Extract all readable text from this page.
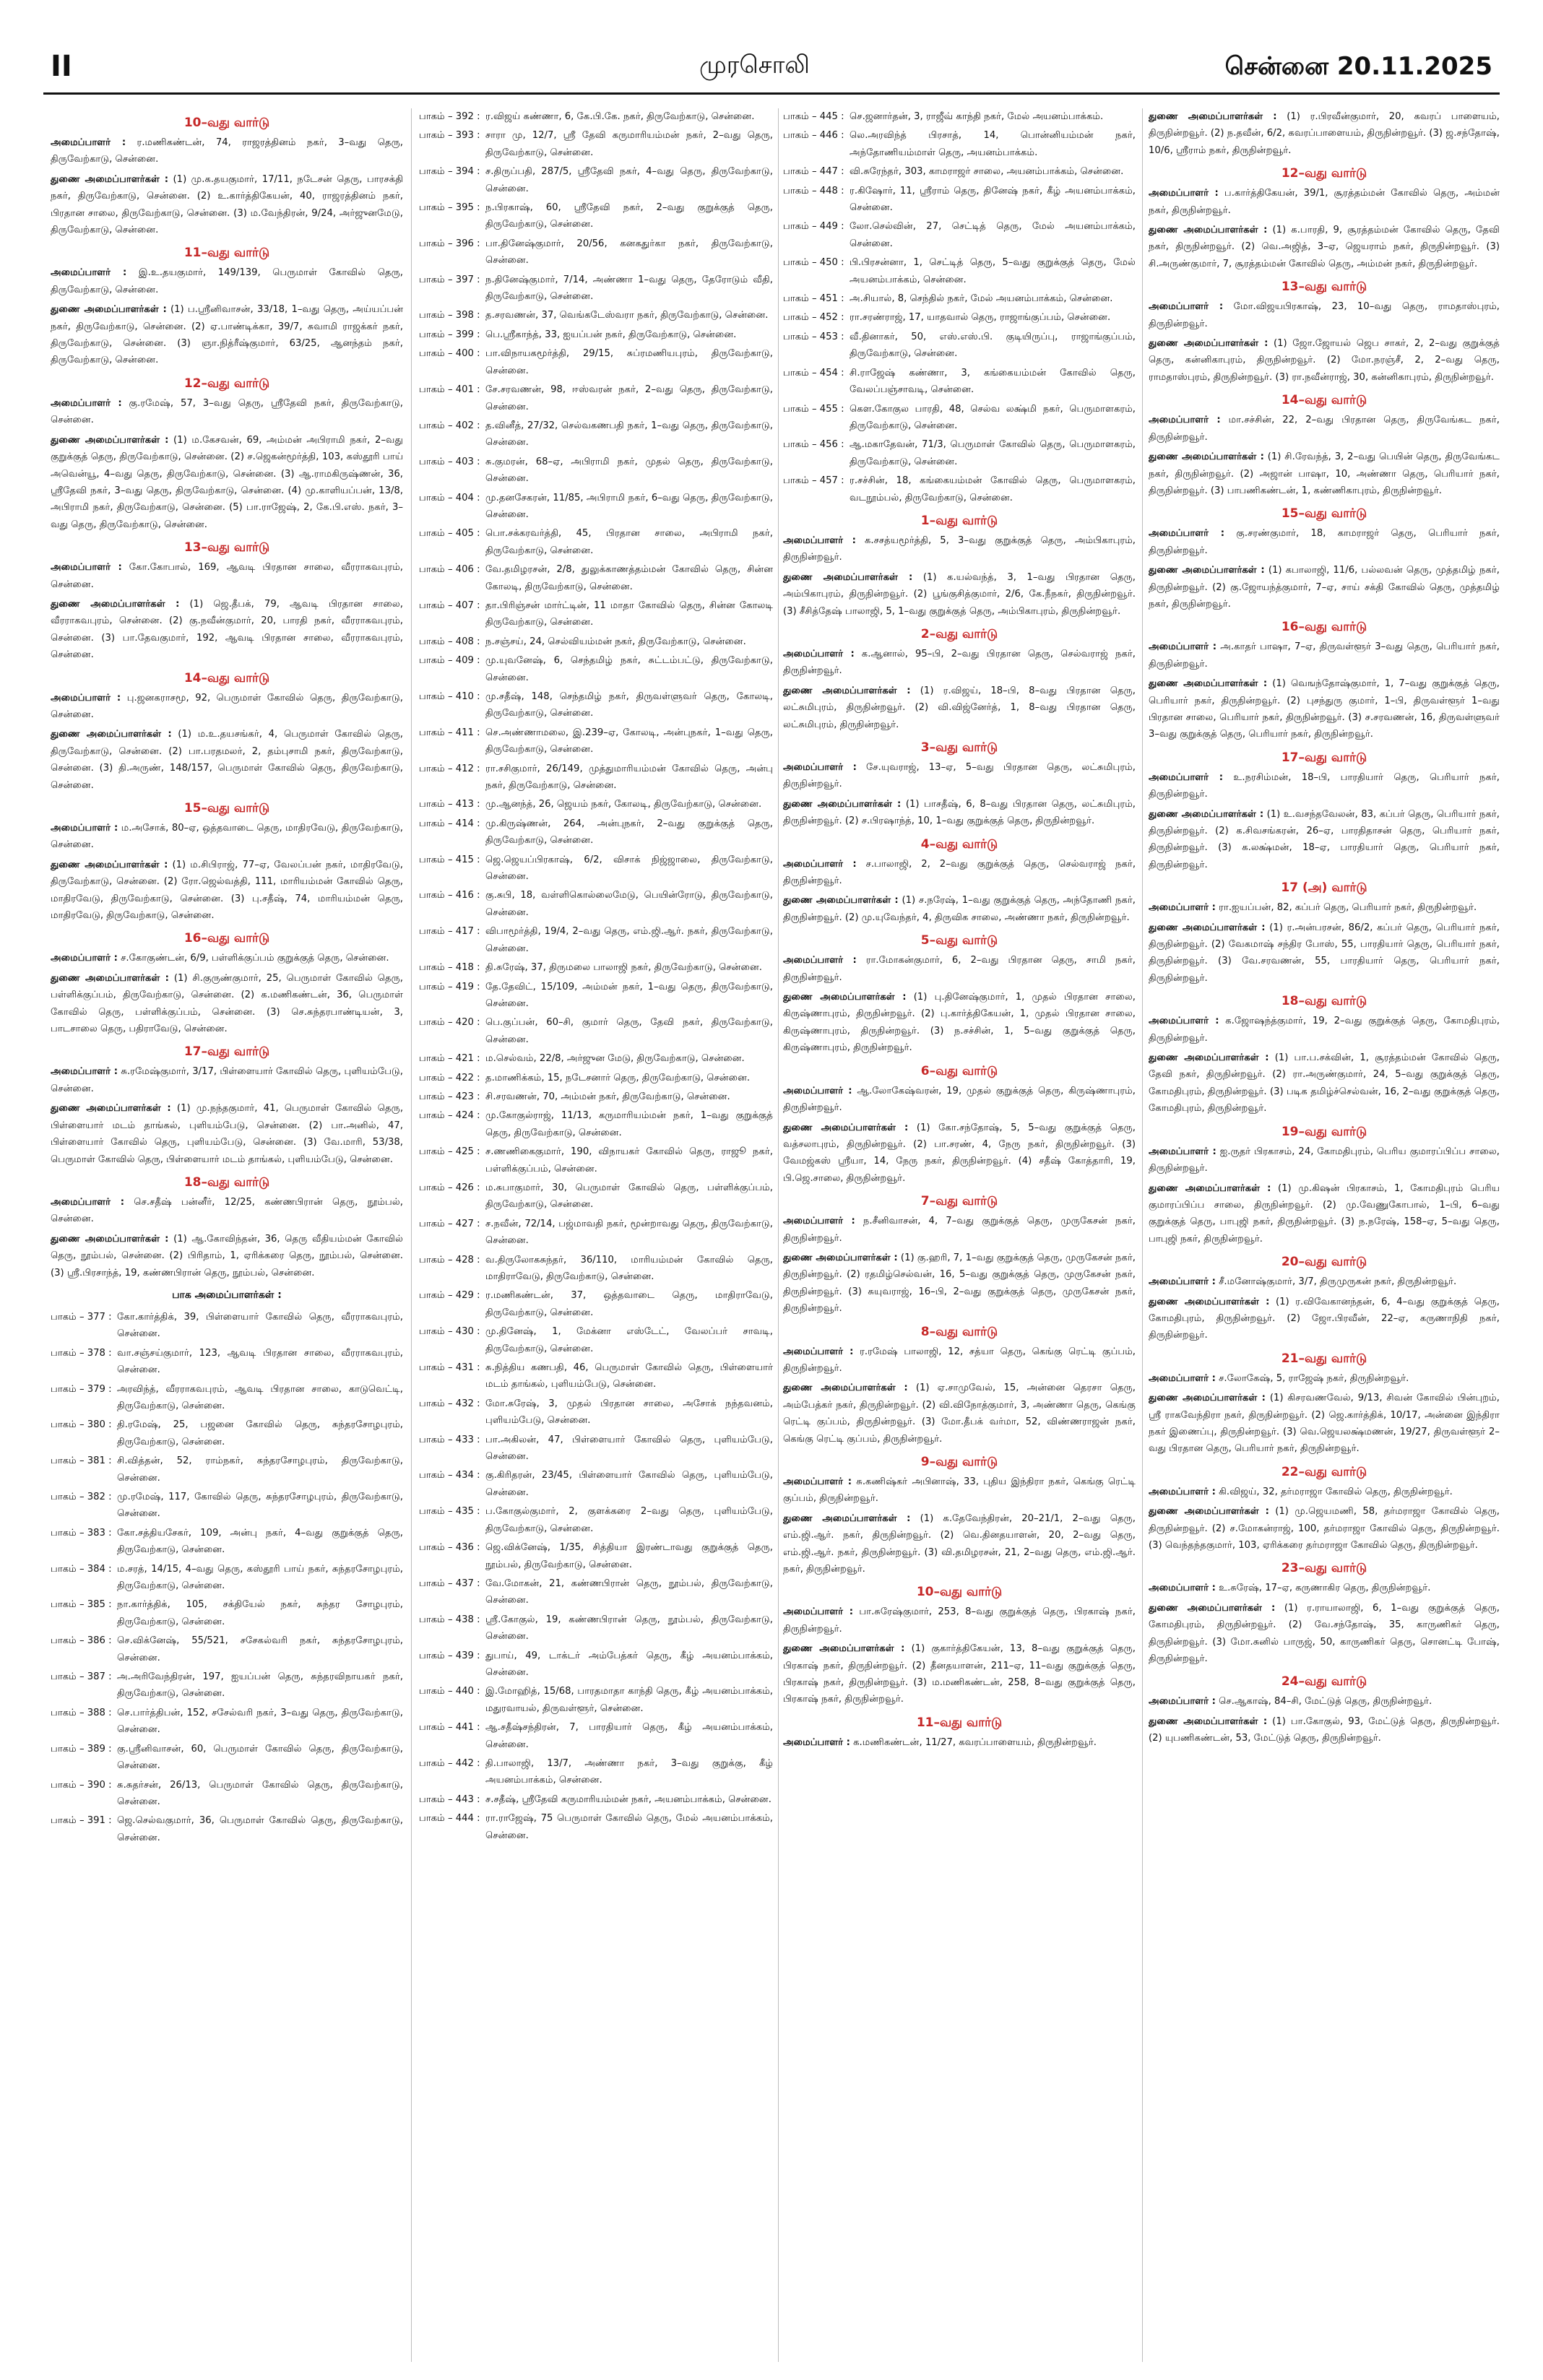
II	முரசொலி	சென்னை 20.11.2025
10–வது வார்டு
அமைப்பாளர் : ர.மணிகண்டன், 74, ராஜரத்தினம் நகர், 3–வது தெரு, திருவேற்காடு, சென்னை.
துணை அமைப்பாளர்கள் : (1) மு.க.தயகுமார், 17/11, நடேசன் தெரு, பாரசக்தி நகர், திருவேற்காடு, சென்னை. (2) உ.கார்த்திகேயன், 40, ராஜரத்தினம் நகர், பிரதான சாலை, திருவேற்காடு, சென்னை. (3) ம.வேந்திரன், 9/24, அர்ஜுனமேடு, திருவேற்காடு, சென்னை.
11–வது வார்டு
அமைப்பாளர் : இ.உ.தயகுமார், 149/139, பெருமாள் கோவில் தெரு, திருவேற்காடு, சென்னை.
துணை அமைப்பாளர்கள் : (1) ப.ஸ்ரீனிவாசன், 33/18, 1–வது தெரு, அய்யப்பன் நகர், திருவேற்காடு, சென்னை. (2) ஏ.பாண்டிக்கா, 39/7, சுவாமி ராஜக்கர் நகர், திருவேற்காடு, சென்னை. (3) ஞா.நித்ரீஷ்குமார், 63/25, ஆனந்தம் நகர், திருவேற்காடு, சென்னை.
12–வது வார்டு
அமைப்பாளர் : கு.ரமேஷ், 57, 3–வது தெரு, ஸ்ரீதேவி நகர், திருவேற்காடு, சென்னை.
துணை அமைப்பாளர்கள் : (1) ம.கேசவன், 69, அம்மன் அபிராமி நகர், 2–வது குறுக்குத் தெரு, திருவேற்காடு, சென்னை. (2) ச.ஜெகன்மூர்த்தி, 103, கஸ்தூரி பாய் அவென்யூ, 4–வது தெரு, திருவேற்காடு, சென்னை. (3) ஆ.ராமகிருஷ்ணன், 36, ஸ்ரீதேவி நகர், 3–வது தெரு, திருவேற்காடு, சென்னை. (4) மு.காளியப்பன், 13/8, அபிராமி நகர், திருவேற்காடு, சென்னை. (5) பா.ராஜேஷ், 2, கே.பி.எஸ். நகர், 3–வது தெரு, திருவேற்காடு, சென்னை.
13–வது வார்டு
அமைப்பாளர் : கோ.கோபால், 169, ஆவடி பிரதான சாலை, வீரராகவபுரம், சென்னை.
துணை அமைப்பாளர்கள் : (1) ஜெ.தீபக், 79, ஆவடி பிரதான சாலை, வீரராகவபுரம், சென்னை. (2) கு.நவீன்குமார், 20, பாரதி நகர், வீரராகவபுரம், சென்னை. (3) பா.தேவகுமார், 192, ஆவடி பிரதான சாலை, வீரராகவபுரம், சென்னை.
14–வது வார்டு
அமைப்பாளர் : பு.ஜனகராசமூ, 92, பெருமாள் கோவில் தெரு, திருவேற்காடு, சென்னை.
துணை அமைப்பாளர்கள் : (1) ம.உ.தயசங்கர், 4, பெருமாள் கோவில் தெரு, திருவேற்காடு, சென்னை. (2) பா.பரதமலர், 2, தம்புசாமி நகர், திருவேற்காடு, சென்னை. (3) தி.அருண், 148/157, பெருமாள் கோவில் தெரு, திருவேற்காடு, சென்னை.
15–வது வார்டு
அமைப்பாளர் : ம.அசோக், 80–ஏ, ஒத்தவாடை தெரு, மாதிரவேடு, திருவேற்காடு, சென்னை.
துணை அமைப்பாளர்கள் : (1) ம.சிபிராஜ், 77–ஏ, வேலப்பன் நகர், மாதிரவேடு, திருவேற்காடு, சென்னை. (2) ரோ.ஜெல்வத்தி, 111, மாரியம்மன் கோவில் தெரு, மாதிரவேடு, திருவேற்காடு, சென்னை. (3) பு.சதீஷ், 74, மாரியம்மன் தெரு, மாதிரவேடு, திருவேற்காடு, சென்னை.
16–வது வார்டு
அமைப்பாளர் : ச.கோகுண்டன், 6/9, பள்ளிக்குப்பம் குறுக்குத் தெரு, சென்னை.
துணை அமைப்பாளர்கள் : (1) சி.குருண்குமார், 25, பெருமாள் கோவில் தெரு, பள்ளிக்குப்பம், திருவேற்காடு, சென்னை. (2) க.மணிகண்டன், 36, பெருமாள் கோவில் தெரு, பள்ளிக்குப்பம், சென்னை. (3) செ.சுந்தரபாண்டியன், 3, பாடசாலை தெரு, பதிராவேடு, சென்னை.
17–வது வார்டு
அமைப்பாளர் : சு.ரமேஷ்குமார், 3/17, பிள்ளையார் கோவில் தெரு, புளியம்பேடு, சென்னை.
துணை அமைப்பாளர்கள் : (1) மு.நந்தகுமார், 41, பெருமாள் கோவில் தெரு, பிள்ளையார் மடம் தாங்கல், புளியம்பேடு, சென்னை. (2) பா.அனில், 47, பிள்ளையார் கோவில் தெரு, புளியம்பேடு, சென்னை. (3) வே.மாரி, 53/38, பெருமாள் கோவில் தெரு, பிள்ளையார் மடம் தாங்கல், புளியம்பேடு, சென்னை.
18–வது வார்டு
அமைப்பாளர் : செ.சதீஷ் பன்னீர், 12/25, கண்ணபிரான் தெரு, நூம்பல், சென்னை.
துணை அமைப்பாளர்கள் : (1) ஆ.கோவிந்தன், 36, தெரு வீதியம்மன் கோவில் தெரு, நூம்பல், சென்னை. (2) பிரிதாம், 1, ஏரிக்கரை தெரு, நூம்பல், சென்னை. (3) ஸ்ரீ.பிரசாந்த், 19, கண்ணபிரான் தெரு, நூம்பல், சென்னை.
பாக அமைப்பாளர்கள் :
பாகம் – 377 : கோ.கார்த்திக், 39, பிள்ளையார் கோவில் தெரு, வீரராகவபுரம், சென்னை.
பாகம் – 378 : வா.சஞ்சய்குமார், 123, ஆவடி பிரதான சாலை, வீரராகவபுரம், சென்னை.
பாகம் – 379 : அரவிந்த், வீரராகவபுரம், ஆவடி பிரதான சாலை, காடுவெட்டி, திருவேற்காடு, சென்னை.
பாகம் – 380 : தி.ரமேஷ், 25, பஜனை கோவில் தெரு, சுந்தரசோழபுரம், திருவேற்காடு, சென்னை.
பாகம் – 381 : சி.வித்தன், 52, ராம்நகர், சுந்தரசோழபுரம், திருவேற்காடு, சென்னை.
பாகம் – 382 : மு.ரமேஷ், 117, கோவில் தெரு, சுந்தரசோழபுரம், திருவேற்காடு, சென்னை.
பாகம் – 383 : கோ.சத்தியசேகர், 109, அன்பு நகர், 4–வது குறுக்குத் தெரு, திருவேற்காடு, சென்னை.
பாகம் – 384 : ம.சரத், 14/15, 4–வது தெரு, கஸ்தூரி பாய் நகர், சுந்தரசோழபுரம், திருவேற்காடு, சென்னை.
பாகம் – 385 : நா.கார்த்திக், 105, சக்தியேல் நகர், சுந்தர சோழபுரம், திருவேற்காடு, சென்னை.
பாகம் – 386 : செ.விக்னேஷ், 55/521, சசேகல்வரி நகர், சுந்தரசோழபுரம், சென்னை.
பாகம் – 387 : அ.அரிவேந்திரன், 197, ஐயப்பன் தெரு, சுந்தரவிநாயகர் நகர், திருவேற்காடு, சென்னை.
பாகம் – 388 : செ.பார்த்திபன், 152, சசேல்வரி நகர், 3–வது தெரு, திருவேற்காடு, சென்னை.
பாகம் – 389 : கு.ஸ்ரீனிவாசன், 60, பெருமாள் கோவில் தெரு, திருவேற்காடு, சென்னை.
பாகம் – 390 : சு.சுதர்சன், 26/13, பெருமாள் கோவில் தெரு, திருவேற்காடு, சென்னை.
பாகம் – 391 : ஜெ.செல்வகுமார், 36, பெருமாள் கோவில் தெரு, திருவேற்காடு, சென்னை.
பாகம் – 392 : ர.விஜய் கண்ணா, 6, கே.பி.கே. நகர், திருவேற்காடு, சென்னை.
பாகம் – 393 : சாரா மு, 12/7, ஸ்ரீ தேவி கருமாரியம்மன் நகர், 2–வது தெரு, திருவேற்காடு, சென்னை.
பாகம் – 394 : ச.திருப்பதி, 287/5, ஸ்ரீதேவி நகர், 4–வது தெரு, திருவேற்காடு, சென்னை.
பாகம் – 395 : ந.பிரகாஷ், 60, ஸ்ரீதேவி நகர், 2–வது குறுக்குத் தெரு, திருவேற்காடு, சென்னை.
பாகம் – 396 : பா.தினேஷ்குமார், 20/56, கனகதுர்கா நகர், திருவேற்காடு, சென்னை.
பாகம் – 397 : ந.தினேஷ்குமார், 7/14, அண்ணா 1–வது தெரு, தேரோடும் வீதி, திருவேற்காடு, சென்னை.
பாகம் – 398 : த.சரவணன், 37, வெங்கடேஸ்வரா நகர், திருவேற்காடு, சென்னை.
பாகம் – 399 : பெ.ஸ்ரீகாந்த், 33, ஐயப்பன் நகர், திருவேற்காடு, சென்னை.
பாகம் – 400 : பா.விநாயகமூர்த்தி, 29/15, சுப்ரமணியபுரம், திருவேற்காடு, சென்னை.
பாகம் – 401 : சே.சரவணன், 98, ஈஸ்வரன் நகர், 2–வது தெரு, திருவேற்காடு, சென்னை.
பாகம் – 402 : த.வினீத், 27/32, செல்வகணபதி நகர், 1–வது தெரு, திருவேற்காடு, சென்னை.
பாகம் – 403 : சு.குமரன், 68–ஏ, அபிராமி நகர், முதல் தெரு, திருவேற்காடு, சென்னை.
பாகம் – 404 : மு.தனசேகரன், 11/85, அபிராமி நகர், 6–வது தெரு, திருவேற்காடு, சென்னை.
பாகம் – 405 : பொ.சக்கரவர்த்தி, 45, பிரதான சாலை, அபிராமி நகர், திருவேற்காடு, சென்னை.
பாகம் – 406 : வே.தமிழரசன், 2/8, துலுக்காணத்தம்மன் கோவில் தெரு, சின்ன கோலடி, திருவேற்காடு, சென்னை.
பாகம் – 407 : தா.பிரிஞ்சன் மார்ட்டின், 11 மாதா கோவில் தெரு, சின்ன கோலடி திருவேற்காடு, சென்னை.
பாகம் – 408 : ந.சஞ்சய், 24, செல்வியம்மன் நகர், திருவேற்காடு, சென்னை.
பாகம் – 409 : மு.யுவனேஷ், 6, செந்தமிழ் நகர், சுட்டம்பட்டு, திருவேற்காடு, சென்னை.
பாகம் – 410 : மு.சதீஷ், 148, செந்தமிழ் நகர், திருவள்ளுவர் தெரு, கோலடி, திருவேற்காடு, சென்னை.
பாகம் – 411 : செ.அண்ணாமலை, இ.239–ஏ, கோலடி, அன்புநகர், 1–வது தெரு, திருவேற்காடு, சென்னை.
பாகம் – 412 : ரா.சசிகுமார், 26/149, முத்துமாரியம்மன் கோவில் தெரு, அன்பு நகர், திருவேற்காடு, சென்னை.
பாகம் – 413 : மு.ஆனந்த், 26, ஜெயம் நகர், கோலடி, திருவேற்காடு, சென்னை.
பாகம் – 414 : மு.கிருஷ்ணன், 264, அன்புநகர், 2–வது குறுக்குத் தெரு, திருவேற்காடு, சென்னை.
பாகம் – 415 : ஜெ.ஜெயப்பிரகாஷ், 6/2, விசாக் நிஜ்ஜாலை, திருவேற்காடு, சென்னை.
பாகம் – 416 : கு.சுபி, 18, வள்ளிகொல்லைமேடு, பெயின்ரோடு, திருவேற்காடு, சென்னை.
பாகம் – 417 : விபாமூர்த்தி, 19/4, 2–வது தெரு, எம்.ஜி.ஆர். நகர், திருவேற்காடு, சென்னை.
பாகம் – 418 : தி.சுரேஷ், 37, திருமலை பாலாஜி நகர், திருவேற்காடு, சென்னை.
பாகம் – 419 : தே.தேவிட், 15/109, அம்மன் நகர், 1–வது தெரு, திருவேற்காடு, சென்னை.
பாகம் – 420 : பெ.குப்பன், 60–சி, குமார் தெரு, தேவி நகர், திருவேற்காடு, சென்னை.
பாகம் – 421 : ம.செல்வம், 22/8, அர்ஜுன மேடு, திருவேற்காடு, சென்னை.
பாகம் – 422 : த.மாணிக்கம், 15, நடேசனார் தெரு, திருவேற்காடு, சென்னை.
பாகம் – 423 : சி.சரவணன், 70, அம்மன் நகர், திருவேற்காடு, சென்னை.
பாகம் – 424 : மு.கோகுல்ராஜ், 11/13, கருமாரியம்மன் நகர், 1–வது குறுக்குத் தெரு, திருவேற்காடு, சென்னை.
பாகம் – 425 : ச.ணணிகைகுமார், 190, விநாயகர் கோவில் தெரு, ராஜூ நகர், பள்ளிக்குப்பம், சென்னை.
பாகம் – 426 : ம.சுபாகுமார், 30, பெருமாள் கோவில் தெரு, பள்ளிக்குப்பம், திருவேற்காடு, சென்னை.
பாகம் – 427 : ச.நவீன், 72/14, பஜ்மாவதி நகர், மூன்றாவது தெரு, திருவேற்காடு, சென்னை.
பாகம் – 428 : வ.திருலோகசுந்தர், 36/110, மாரியம்மன் கோவில் தெரு, மாதிராவேடு, திருவேற்காடு, சென்னை.
பாகம் – 429 : ர.மணிகண்டன், 37, ஒத்தவாடை தெரு, மாதிராவேடு, திருவேற்காடு, சென்னை.
பாகம் – 430 : மு.தினேஷ், 1, மேக்னா எஸ்டேட், வேலப்பர் சாவடி, திருவேற்காடு, சென்னை.
பாகம் – 431 : சு.நித்திய கணபதி, 46, பெருமாள் கோவில் தெரு, பிள்ளையார் மடம் தாங்கல், புளியம்பேடு, சென்னை.
பாகம் – 432 : மோ.சுரேஷ், 3, முதல் பிரதான சாலை, அசோக் நந்தவனம், புளியம்பேடு, சென்னை.
பாகம் – 433 : பா.அகிலன், 47, பிள்ளையார் கோவில் தெரு, புளியம்பேடு, சென்னை.
பாகம் – 434 : கு.கிரிதரன், 23/45, பிள்ளையார் கோவில் தெரு, புளியம்பேடு, சென்னை.
பாகம் – 435 : ப.கோகுல்குமார், 2, குளக்கரை 2–வது தெரு, புளியம்பேடு, திருவேற்காடு, சென்னை.
பாகம் – 436 : ஜெ.விக்னேஷ், 1/35, சித்தியா இரண்டாவது குறுக்குத் தெரு, நூம்பல், திருவேற்காடு, சென்னை.
பாகம் – 437 : வே.மோகன், 21, கண்ணபிரான் தெரு, நூம்பல், திருவேற்காடு, சென்னை.
பாகம் – 438 : ஸ்ரீ.கோகுல், 19, கண்ணபிரான் தெரு, நூம்பல், திருவேற்காடு, சென்னை.
பாகம் – 439 : துபாய், 49, டாக்டர் அம்பேத்கர் தெரு, கீழ் அயனம்பாக்கம், சென்னை.
பாகம் – 440 : இ.மோஹித், 15/68, பாரதமாதா காந்தி தெரு, கீழ் அயனம்பாக்கம், மதுரவாயல், திருவள்ளூர், சென்னை.
பாகம் – 441 : ஆ.சதீஷ்சந்திரன், 7, பாரதியார் தெரு, கீழ் அயனம்பாக்கம், சென்னை.
பாகம் – 442 : தி.பாலாஜி, 13/7, அண்ணா நகர், 3–வது குறுக்கு, கீழ் அயனம்பாக்கம், சென்னை.
பாகம் – 443 : ச.சதீஷ், ஸ்ரீதேவி கருமாரியம்மன் நகர், அயனம்பாக்கம், சென்னை.
பாகம் – 444 : ரா.ராஜேஷ், 75 பெருமாள் கோவில் தெரு, மேல் அயனம்பாக்கம், சென்னை.
பாகம் – 445 : செ.ஜனார்தன், 3, ராஜீவ் காந்தி நகர், மேல் அயனம்பாக்கம்.
பாகம் – 446 : லெ.அரவிந்த் பிரசாத், 14, பொன்னியம்மன் நகர், அந்தோணியம்மாள் தெரு, அயனம்பாக்கம்.
பாகம் – 447 : வி.சுரேந்தர், 303, காமராஜர் சாலை, அயனம்பாக்கம், சென்னை.
பாகம் – 448 : ர.கிஷோர், 11, ஸ்ரீராம் தெரு, தினேஷ் நகர், கீழ் அயனம்பாக்கம், சென்னை.
பாகம் – 449 : லோ.செல்வின், 27, செட்டித் தெரு, மேல் அயனம்பாக்கம், சென்னை.
பாகம் – 450 : பி.பிரசன்னா, 1, செட்டித் தெரு, 5–வது குறுக்குத் தெரு, மேல் அயனம்பாக்கம், சென்னை.
பாகம் – 451 : அ.சியால், 8, செந்தில் நகர், மேல் அயனம்பாக்கம், சென்னை.
பாகம் – 452 : ரா.சரண்ராஜ், 17, யாதவால் தெரு, ராஜாங்குப்பம், சென்னை.
பாகம் – 453 : வீ.தினாகர், 50, எஸ்.எஸ்.பி. குடியிருப்பு, ராஜாங்குப்பம், திருவேற்காடு, சென்னை.
பாகம் – 454 : சி.ராஜேஷ் கண்ணா, 3, கங்கையம்மன் கோவில் தெரு, வேலப்பஞ்சாவடி, சென்னை.
பாகம் – 455 : கௌ.கோகுல பாரதி, 48, செல்வ லக்ஷ்மி நகர், பெருமாளகரம், திருவேற்காடு, சென்னை.
பாகம் – 456 : ஆ.மகாதேவன், 71/3, பெருமாள் கோவில் தெரு, பெருமாளகரம், திருவேற்காடு, சென்னை.
பாகம் – 457 : ர.சச்சின், 18, கங்கையம்மன் கோவில் தெரு, பெருமாளகரம், வடநூம்பல், திருவேற்காடு, சென்னை.
1–வது வார்டு
அமைப்பாளர் : க.சசத்யமூர்த்தி, 5, 3–வது குறுக்குத் தெரு, அம்பிகாபுரம், திருநின்றவூர்.
துணை அமைப்பாளர்கள் : (1) க.யல்வந்த், 3, 1–வது பிரதான தெரு, அம்பிகாபுரம், திருநின்றவூர். (2) பூங்குசித்குமார், 2/6, கே.நீநகர், திருநின்றவூர். (3) சீசித்தேஷ் பாலாஜி, 5, 1–வது குறுக்குத் தெரு, அம்பிகாபுரம், திருநின்றவூர்.
2–வது வார்டு
அமைப்பாளர் : க.ஆனால், 95–பி, 2–வது பிரதான தெரு, செல்வராஜ் நகர், திருநின்றவூர்.
துணை அமைப்பாளர்கள் : (1) ர.விஜய், 18–பி, 8–வது பிரதான தெரு, லட்சுமிபுரம், திருநின்றவூர். (2) வி.விஜ்னேர்த், 1, 8–வது பிரதான தெரு, லட்சுமிபுரம், திருநின்றவூர்.
3–வது வார்டு
அமைப்பாளர் : சே.யுவராஜ், 13–ஏ, 5–வது பிரதான தெரு, லட்சுமிபுரம், திருநின்றவூர்.
துணை அமைப்பாளர்கள் : (1) பாசதீஷ், 6, 8–வது பிரதான தெரு, லட்சுமிபுரம், திருநின்றவூர். (2) ச.பிரஷாந்த், 10, 1–வது குறுக்குத் தெரு, திருநின்றவூர்.
4–வது வார்டு
அமைப்பாளர் : ச.பாலாஜி, 2, 2–வது குறுக்குத் தெரு, செல்வராஜ் நகர், திருநின்றவூர்.
துணை அமைப்பாளர்கள் : (1) ச.நரேஷ், 1–வது குறுக்குத் தெரு, அந்தோணி நகர், திருநின்றவூர். (2) மு.யுவேந்தர், 4, திருவிக சாலை, அண்ணா நகர், திருநின்றவூர்.
5–வது வார்டு
அமைப்பாளர் : ரா.மோகன்குமார், 6, 2–வது பிரதான தெரு, சாமி நகர், திருநின்றவூர்.
துணை அமைப்பாளர்கள் : (1) பு.தினேஷ்குமார், 1, முதல் பிரதான சாலை, கிருஷ்ணாபுரம், திருநின்றவூர். (2) பு.கார்த்திகேயன், 1, முதல் பிரதான சாலை, கிருஷ்ணாபுரம், திருநின்றவூர். (3) ந.சச்சின், 1, 5–வது குறுக்குத் தெரு, கிருஷ்ணாபுரம், திருநின்றவூர்.
6–வது வார்டு
அமைப்பாளர் : ஆ.லோகேஷ்வரன், 19, முதல் குறுக்குத் தெரு, கிருஷ்ணாபுரம், திருநின்றவூர்.
துணை அமைப்பாளர்கள் : (1) கோ.சந்தோஷ், 5, 5–வது குறுக்குத் தெரு, வத்சலாபுரம், திருநின்றவூர். (2) பா.சரண், 4, நேரு நகர், திருநின்றவூர். (3) வேமஜ்கஸ் ஸ்ரீயா, 14, நேரு நகர், திருநின்றவூர். (4) சதீஷ் கோத்தாரி, 19, பி.ஜெ.சாலை, திருநின்றவூர்.
7–வது வார்டு
அமைப்பாளர் : ந.சீனிவாசன், 4, 7–வது குறுக்குத் தெரு, முருகேசன் நகர், திருநின்றவூர்.
துணை அமைப்பாளர்கள் : (1) கு.ஹரி, 7, 1–வது குறுக்குத் தெரு, முருகேசன் நகர், திருநின்றவூர். (2) ரதமிழ்செல்வன், 16, 5–வது குறுக்குத் தெரு, முருகேசன் நகர், திருநின்றவூர். (3) சுயுவராஜ், 16–பி, 2–வது குறுக்குத் தெரு, முருகேசன் நகர், திருநின்றவூர்.
8–வது வார்டு
அமைப்பாளர் : ர.ரமேஷ் பாலாஜி, 12, சத்யா தெரு, கெங்கு ரெட்டி குப்பம், திருநின்றவூர்.
துணை அமைப்பாளர்கள் : (1) ஏ.சாமுவேல், 15, அன்னை தெரசா தெரு, அம்பேத்கர் நகர், திருநின்றவூர். (2) வி.விநோத்குமார், 3, அண்ணா தெரு, கெங்கு ரெட்டி குப்பம், திருநின்றவூர். (3) மோ.தீபக் வர்மா, 52, விண்ணராஜன் நகர், கெங்கு ரெட்டி குப்பம், திருநின்றவூர்.
9–வது வார்டு
அமைப்பாளர் : சு.கணிஷ்கர் அபினாஷ், 33, புதிய இந்திரா நகர், கெங்கு ரெட்டி குப்பம், திருநின்றவூர்.
துணை அமைப்பாளர்கள் : (1) க.தேவேந்திரன், 20–21/1, 2–வது தெரு, எம்.ஜி.ஆர். நகர், திருநின்றவூர். (2) வெ.தினதயாளன், 20, 2–வது தெரு, எம்.ஜி.ஆர். நகர், திருநின்றவூர். (3) வி.தமிழரசன், 21, 2–வது தெரு, எம்.ஜி.ஆர். நகர், திருநின்றவூர்.
10–வது வார்டு
அமைப்பாளர் : பா.சுரேஷ்குமார், 253, 8–வது குறுக்குத் தெரு, பிரகாஷ் நகர், திருநின்றவூர்.
துணை அமைப்பாளர்கள் : (1) குகார்த்திகேயன், 13, 8–வது குறுக்குத் தெரு, பிரகாஷ் நகர், திருநின்றவூர். (2) தீனதயாளன், 211–ஏ, 11–வது குறுக்குத் தெரு, பிரகாஷ் நகர், திருநின்றவூர். (3) ம.மணிகண்டன், 258, 8–வது குறுக்குத் தெரு, பிரகாஷ் நகர், திருநின்றவூர்.
11–வது வார்டு
அமைப்பாளர் : க.மணிகண்டன், 11/27, கவரப்பாளையம், திருநின்றவூர்.
துணை அமைப்பாளர்கள் : (1) ர.பிரவீன்குமார், 20, கவரப் பாளையம், திருநின்றவூர். (2) ந.தவீன், 6/2, கவரப்பாளையம், திருநின்றவூர். (3) ஜ.சந்தோஷ், 10/6, ஸ்ரீராம் நகர், திருநின்றவூர்.
12–வது வார்டு
அமைப்பாளர் : ப.கார்த்திகேயன், 39/1, சூரத்தம்மன் கோவில் தெரு, அம்மன் நகர், திருநின்றவூர்.
துணை அமைப்பாளர்கள் : (1) க.பாரதி, 9, சூரத்தம்மன் கோவில் தெரு, தேவி நகர், திருநின்றவூர். (2) வெ.அஜித், 3–ஏ, ஜெயராம் நகர், திருநின்றவூர். (3) சி.அருண்குமார், 7, சூரத்தம்மன் கோவில் தெரு, அம்மன் நகர், திருநின்றவூர்.
13–வது வார்டு
அமைப்பாளர் : மோ.விஜயபிரகாஷ், 23, 10–வது தெரு, ராமதாஸ்புரம், திருநின்றவூர்.
துணை அமைப்பாளர்கள் : (1) ஜோ.ஜோயல் ஜெப சாகர், 2, 2–வது குறுக்குத் தெரு, கன்னிகாபுரம், திருநின்றவூர். (2) மோ.நரஞ்சீ, 2, 2–வது தெரு, ராமதாஸ்புரம், திருநின்றவூர். (3) ரா.நவீன்ராஜ், 30, கன்னிகாபுரம், திருநின்றவூர்.
14–வது வார்டு
அமைப்பாளர் : மா.சச்சின், 22, 2–வது பிரதான தெரு, திருவேங்கட நகர், திருநின்றவூர்.
துணை அமைப்பாளர்கள் : (1) சி.ரேவந்த், 3, 2–வது பெயின் தெரு, திருவேங்கட நகர், திருநின்றவூர். (2) அஜான் பாஷா, 10, அண்ணா தெரு, பெரியார் நகர், திருநின்றவூர். (3) பாபணிகண்டன், 1, கண்ணிகாபுரம், திருநின்றவூர்.
15–வது வார்டு
அமைப்பாளர் : கு.சரண்குமார், 18, காமராஜர் தெரு, பெரியார் நகர், திருநின்றவூர்.
துணை அமைப்பாளர்கள் : (1) கபாலாஜி, 11/6, பல்லவன் தெரு, முத்தமிழ் நகர், திருநின்றவூர். (2) கு.ஜோயந்த்குமார், 7–ஏ, சாய் சக்தி கோவில் தெரு, முத்தமிழ் நகர், திருநின்றவூர்.
16–வது வார்டு
அமைப்பாளர் : அ.காதர் பாஷா, 7–ஏ, திருவள்ளூர் 3–வது தெரு, பெரியார் நகர், திருநின்றவூர்.
துணை அமைப்பாளர்கள் : (1) வெஙந்தோஷ்குமார், 1, 7–வது குறுக்குத் தெரு, பெரியார் நகர், திருநின்றவூர். (2) புசந்துரு குமார், 1–பி, திருவள்ளூர் 1–வது பிரதான சாலை, பெரியார் நகர், திருநின்றவூர். (3) ச.சரவணன், 16, திருவள்ளுவர் 3–வது குறுக்குத் தெரு, பெரியார் நகர், திருநின்றவூர்.
17–வது வார்டு
அமைப்பாளர் : உ.நரசிம்மன், 18–பி, பாரதியார் தெரு, பெரியார் நகர், திருநின்றவூர்.
துணை அமைப்பாளர்கள் : (1) உ.வசந்தவேலன், 83, கப்பர் தெரு, பெரியார் நகர், திருநின்றவூர். (2) க.சிவசங்கரன், 26–ஏ, பாரதிதாசன் தெரு, பெரியார் நகர், திருநின்றவூர். (3) க.லக்ஷ்மன், 18–ஏ, பாரதியார் தெரு, பெரியார் நகர், திருநின்றவூர்.
17 (அ) வார்டு
அமைப்பாளர் : ரா.ஐயப்பன், 82, கப்பர் தெரு, பெரியார் நகர், திருநின்றவூர்.
துணை அமைப்பாளர்கள் : (1) ர.அன்பரசன், 86/2, கப்பர் தெரு, பெரியார் நகர், திருநின்றவூர். (2) வேகமாஷ் சந்திர போஸ், 55, பாரதியார் தெரு, பெரியார் நகர், திருநின்றவூர். (3) வே.சரவணன், 55, பாரதியார் தெரு, பெரியார் நகர், திருநின்றவூர்.
18–வது வார்டு
அமைப்பாளர் : க.ஜோஷந்த்குமார், 19, 2–வது குறுக்குத் தெரு, கோமதிபுரம், திருநின்றவூர்.
துணை அமைப்பாளர்கள் : (1) பா.ப.சக்வின், 1, சூரத்தம்மன் கோவில் தெரு, தேவி நகர், திருநின்றவூர். (2) ரா.அருண்குமார், 24, 5–வது குறுக்குத் தெரு, கோமதிபுரம், திருநின்றவூர். (3) படிக தமிழ்ச்செல்வன், 16, 2–வது குறுக்குத் தெரு, கோமதிபுரம், திருநின்றவூர்.
19–வது வார்டு
அமைப்பாளர் : ஐ.ருதர் பிரகாசம், 24, கோமதிபுரம், பெரிய குமாரப்பிப்ப சாலை, திருநின்றவூர்.
துணை அமைப்பாளர்கள் : (1) மு.கிஷன் பிரகாசம், 1, கோமதிபுரம் பெரிய குமாரப்பிப்ப சாலை, திருநின்றவூர். (2) மு.வேணுகோபால், 1–பி, 6–வது குறுக்குத் தெரு, பாபுஜி நகர், திருநின்றவூர். (3) ந.நரேஷ், 158–ஏ, 5–வது தெரு, பாபுஜி நகர், திருநின்றவூர்.
20–வது வார்டு
அமைப்பாளர் : சீ.மனோஷ்குமார், 3/7, திருமுருகன் நகர், திருநின்றவூர்.
துணை அமைப்பாளர்கள் : (1) ர.விவேகானந்தன், 6, 4–வது குறுக்குத் தெரு, கோமதிபுரம், திருநின்றவூர். (2) ஜோ.பிரவீன், 22–ஏ, கருணாநிதி நகர், திருநின்றவூர்.
21–வது வார்டு
அமைப்பாளர் : ச.லோகேஷ், 5, ராஜேஷ் நகர், திருநின்றவூர்.
துணை அமைப்பாளர்கள் : (1) கிசரவணவேல், 9/13, சிவன் கோவில் பின்புறம், ஸ்ரீ ராகவேந்திரா நகர், திருநின்றவூர். (2) ஜெ.கார்த்திக், 10/17, அன்னை இந்திரா நகர் இணைப்பு, திருநின்றவூர். (3) வெ.ஜெயலக்ஷ்மணன், 19/27, திருவள்ளூர் 2–வது பிரதான தெரு, பெரியார் நகர், திருநின்றவூர்.
22–வது வார்டு
அமைப்பாளர் : கி.விஜய், 32, தர்மராஜா கோவில் தெரு, திருநின்றவூர்.
துணை அமைப்பாளர்கள் : (1) மு.ஜெயமணி, 58, தர்மராஜா கோவில் தெரு, திருநின்றவூர். (2) ச.மோகன்ராஜ், 100, தர்மராஜா கோவில் தெரு, திருநின்றவூர். (3) வெந்தந்தகுமார், 103, ஏரிக்கரை தர்மராஜா கோவில் தெரு, திருநின்றவூர்.
23–வது வார்டு
அமைப்பாளர் : உ.சுரேஷ், 17–ஏ, கருணாகிர தெரு, திருநின்றவூர்.
துணை அமைப்பாளர்கள் : (1) ர.ராயாலாஜி, 6, 1–வது குறுக்குத் தெரு, கோமதிபுரம், திருநின்றவூர். (2) வே.சந்தோஷ், 35, காருணிகர் தெரு, திருநின்றவூர். (3) மோ.சுனில் பாருஜ், 50, காருணிகர் தெரு, சொனட்டி போஷ், திருநின்றவூர்.
24–வது வார்டு
அமைப்பாளர் : செ.ஆகாஷ், 84–சி, மேட்டுத் தெரு, திருநின்றவூர்.
துணை அமைப்பாளர்கள் : (1) பா.கோகுல், 93, மேட்டுத் தெரு, திருநின்றவூர். (2) யுபணிகண்டன், 53, மேட்டுத் தெரு, திருநின்றவூர்.
